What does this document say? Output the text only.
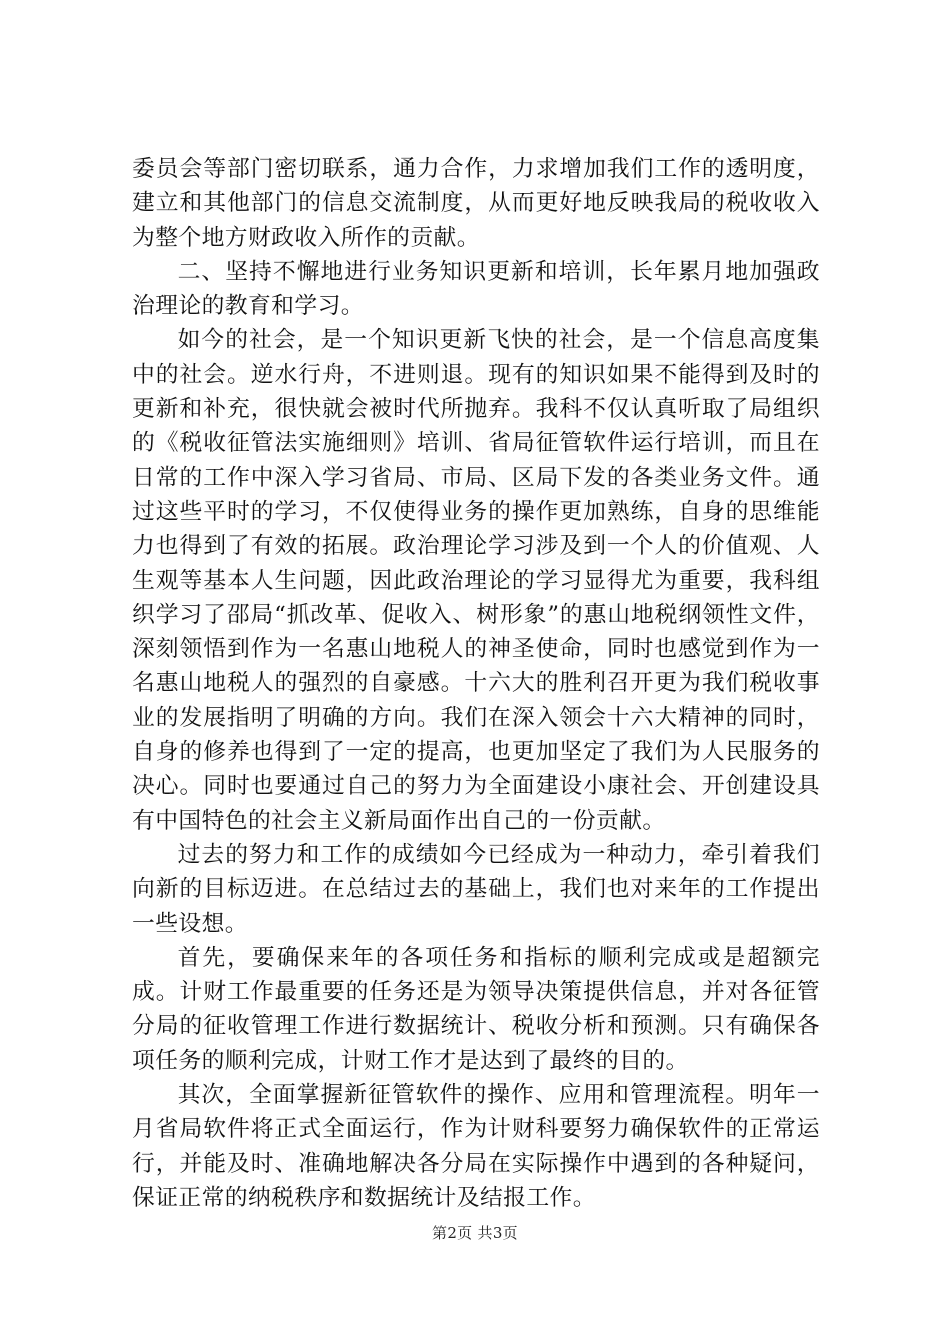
委员会等部门密切联系，通力合作，力求增加我们工作的透明度，建立和其他部门的信息交流制度，从而更好地反映我局的税收收入为整个地方财政收入所作的贡献。

二、坚持不懈地进行业务知识更新和培训，长年累月地加强政治理论的教育和学习。

如今的社会，是一个知识更新飞快的社会，是一个信息高度集中的社会。逆水行舟，不进则退。现有的知识如果不能得到及时的更新和补充，很快就会被时代所抛弃。我科不仅认真听取了局组织的《税收征管法实施细则》培训、省局征管软件运行培训，而且在日常的工作中深入学习省局、市局、区局下发的各类业务文件。通过这些平时的学习，不仅使得业务的操作更加熟练，自身的思维能力也得到了有效的拓展。政治理论学习涉及到一个人的价值观、人生观等基本人生问题，因此政治理论的学习显得尤为重要，我科组织学习了邵局“抓改革、促收入、树形象”的惠山地税纲领性文件，深刻领悟到作为一名惠山地税人的神圣使命，同时也感觉到作为一名惠山地税人的强烈的自豪感。十六大的胜利召开更为我们税收事业的发展指明了明确的方向。我们在深入领会十六大精神的同时，自身的修养也得到了一定的提高，也更加坚定了我们为人民服务的决心。同时也要通过自己的努力为全面建设小康社会、开创建设具有中国特色的社会主义新局面作出自己的一份贡献。

过去的努力和工作的成绩如今已经成为一种动力，牵引着我们向新的目标迈进。在总结过去的基础上，我们也对来年的工作提出一些设想。

首先，要确保来年的各项任务和指标的顺利完成或是超额完成。计财工作最重要的任务还是为领导决策提供信息，并对各征管分局的征收管理工作进行数据统计、税收分析和预测。只有确保各项任务的顺利完成，计财工作才是达到了最终的目的。

其次，全面掌握新征管软件的操作、应用和管理流程。明年一月省局软件将正式全面运行，作为计财科要努力确保软件的正常运行，并能及时、准确地解决各分局在实际操作中遇到的各种疑问，保证正常的纳税秩序和数据统计及结报工作。

第2页 共3页
